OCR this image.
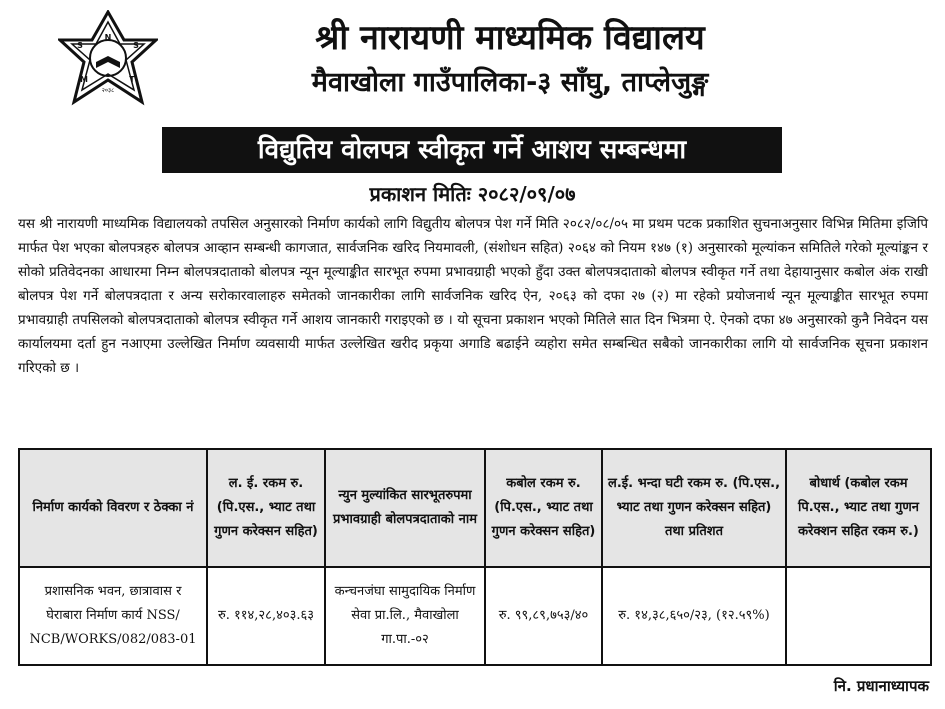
N
S	S
M	T
२०३८
श्री नारायणी माध्यमिक विद्यालय
मैवाखोला गाउँपालिका-३ साँघु, ताप्लेजुङ्ग
विद्युतिय वोलपत्र स्वीकृत गर्ने आशय सम्बन्धमा
प्रकाशन मितिः २०८२/०९/०७
यस श्री नारायणी माध्यमिक विद्यालयको तपसिल अनुसारको निर्माण कार्यको लागि विद्युतीय बोलपत्र पेश गर्ने मिति २०८२/०८/०५ मा प्रथम पटक प्रकाशित सुचनाअनुसार विभिन्न मितिमा इजिपि मार्फत पेश भएका बोलपत्रहरु बोलपत्र आव्हान सम्बन्धी कागजात, सार्वजनिक खरिद नियमावली, (संशोधन सहित) २०६४ को नियम १४७ (१) अनुसारको मूल्यांकन समितिले गरेको मूल्यांङ्कन र सोको प्रतिवेदनका आधारमा निम्न बोलपत्रदाताको बोलपत्र न्यून मूल्याङ्कीत सारभूत रुपमा प्रभावग्राही भएको हुँदा उक्त बोलपत्रदाताको बोलपत्र स्वीकृत गर्ने तथा देहायानुसार कबोल अंक राखी बोलपत्र पेश गर्ने बोलपत्रदाता र अन्य सरोकारवालाहरु समेतको जानकारीका लागि सार्वजनिक खरिद ऐन, २०६३ को दफा २७ (२) मा रहेको प्रयोजनार्थ न्यून मूल्याङ्कीत सारभूत रुपमा प्रभावग्राही तपसिलको बोलपत्रदाताको बोलपत्र स्वीकृत गर्ने आशय जानकारी गराइएको छ । यो सूचना प्रकाशन भएको मितिले सात दिन भित्रमा ऐ. ऐनको दफा ४७ अनुसारको कुनै निवेदन यस कार्यालयमा दर्ता हुन नआएमा उल्लेखित निर्माण व्यवसायी मार्फत उल्लेखित खरीद प्रकृया अगाडि बढाईने व्यहोरा समेत सम्बन्धित सबैको जानकारीका लागि यो सार्वजनिक सूचना प्रकाशन गरिएको छ ।
निर्माण कार्यको विवरण र ठेक्का नं	ल. ई. रकम रु. (पि.एस., भ्याट तथा गुणन करेक्सन सहित)	न्युन मुल्यांकित सारभूतरुपमा प्रभावग्राही बोलपत्रदाताको नाम	कबोल रकम रु. (पि.एस., भ्याट तथा गुणन करेक्सन सहित)	ल.ई. भन्दा घटी रकम रु. (पि.एस., भ्याट तथा गुणन करेक्सन सहित) तथा प्रतिशत	बोधार्थ (कबोल रकम पि.एस., भ्याट तथा गुणन करेक्शन सहित रकम रु.)
प्रशासनिक भवन, छात्रावास र घेराबारा निर्माण कार्य NSS/ NCB/WORKS/082/083-01	रु. ११४,२८,४०३.६३	कन्चनजंघा सामुदायिक निर्माण सेवा प्रा.लि., मैवाखोला गा.पा.-०२	रु. ९९,८९,७५३/४०	रु. १४,३८,६५०/२३, (१२.५९%)	
नि. प्रधानाध्यापक
